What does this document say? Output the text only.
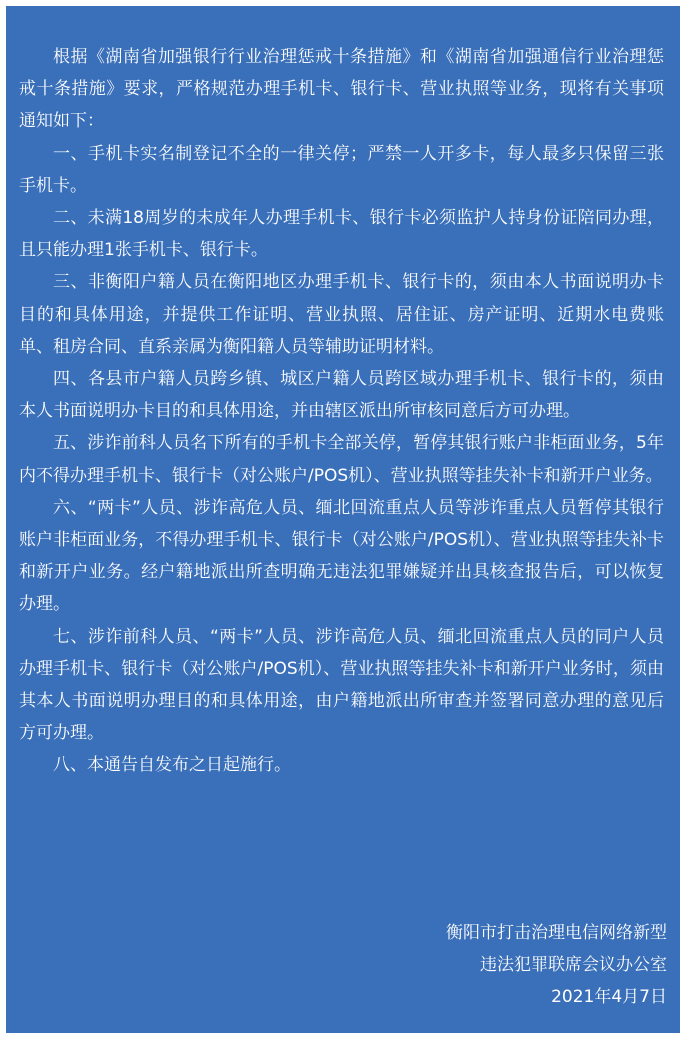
根据《湖南省加强银行行业治理惩戒十条措施》和《湖南省加强通信行业治理惩戒十条措施》要求，严格规范办理手机卡、银行卡、营业执照等业务，现将有关事项通知如下：

一、手机卡实名制登记不全的一律关停；严禁一人开多卡，每人最多只保留三张手机卡。

二、未满18周岁的未成年人办理手机卡、银行卡必须监护人持身份证陪同办理，且只能办理1张手机卡、银行卡。

三、非衡阳户籍人员在衡阳地区办理手机卡、银行卡的，须由本人书面说明办卡目的和具体用途，并提供工作证明、营业执照、居住证、房产证明、近期水电费账单、租房合同、直系亲属为衡阳籍人员等辅助证明材料。

四、各县市户籍人员跨乡镇、城区户籍人员跨区域办理手机卡、银行卡的，须由本人书面说明办卡目的和具体用途，并由辖区派出所审核同意后方可办理。

五、涉诈前科人员名下所有的手机卡全部关停，暂停其银行账户非柜面业务，5年内不得办理手机卡、银行卡（对公账户/POS机）、营业执照等挂失补卡和新开户业务。

六、“两卡”人员、涉诈高危人员、缅北回流重点人员等涉诈重点人员暂停其银行账户非柜面业务，不得办理手机卡、银行卡（对公账户/POS机）、营业执照等挂失补卡和新开户业务。经户籍地派出所查明确无违法犯罪嫌疑并出具核查报告后，可以恢复办理。

七、涉诈前科人员、“两卡”人员、涉诈高危人员、缅北回流重点人员的同户人员办理手机卡、银行卡（对公账户/POS机）、营业执照等挂失补卡和新开户业务时，须由其本人书面说明办理目的和具体用途，由户籍地派出所审查并签署同意办理的意见后方可办理。

八、本通告自发布之日起施行。

衡阳市打击治理电信网络新型
违法犯罪联席会议办公室
2021年4月7日
